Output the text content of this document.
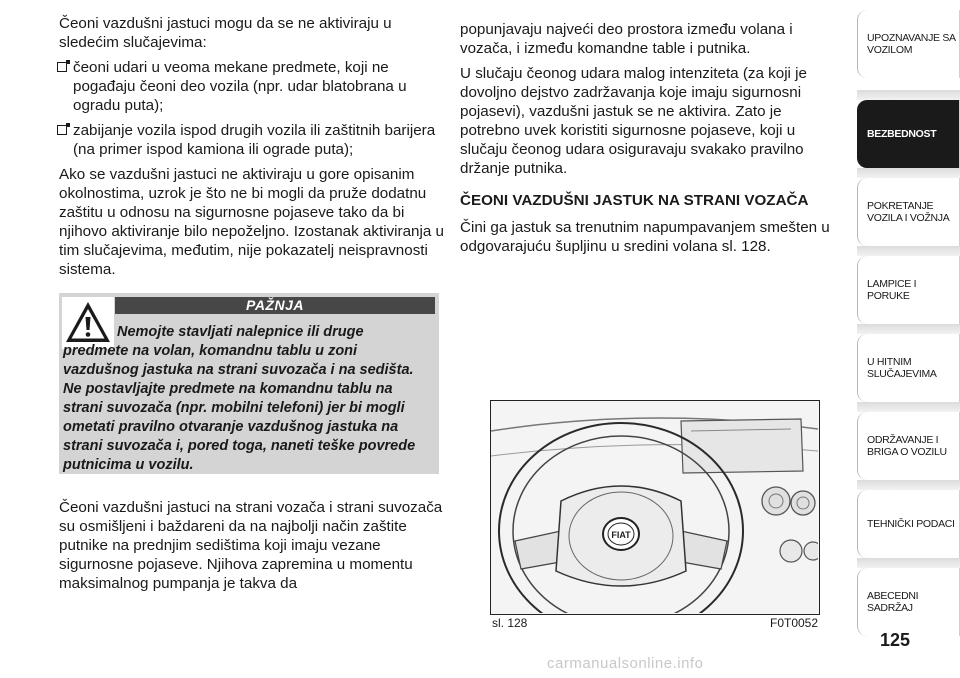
Čeoni vazdušni jastuci mogu da se ne aktiviraju u sledećim slučajevima:

čeoni udari u veoma mekane predmete, koji ne pogađaju čeoni deo vozila (npr. udar blatobrana u ogradu puta);
zabijanje vozila ispod drugih vozila ili zaštitnih barijera (na primer ispod kamiona ili ograde puta);

Ako se vazdušni jastuci ne aktiviraju u gore opisanim okolnostima, uzrok je što ne bi mogli da pruže dodatnu zaštitu u odnosu na sigurnosne pojaseve tako da bi njihovo aktiviranje bilo nepoželjno. Izostanak aktiviranja u tim slučajevima, međutim, nije pokazatelj neispravnosti sistema.

PAŽNJA
Nemojte stavljati nalepnice ili druge predmete na volan, komandnu tablu u zoni vazdušnog jastuka na strani suvozača i na sedišta. Ne postavljajte predmete na komandnu tablu na strani suvozača (npr. mobilni telefoni) jer bi mogli ometati pravilno otvaranje vazdušnog jastuka na strani suvozača i, pored toga, naneti teške povrede putnicima u vozilu.

Čeoni vazdušni jastuci na strani vozača i strani suvozača su osmišljeni i baždareni da na najbolji način zaštite putnike na prednjim sedištima koji imaju vezane sigurnosne pojaseve. Njihova zapremina u momentu maksimalnog pumpanja je takva da

popunjavaju najveći deo prostora između volana i vozača, i između komandne table i putnika.

U slučaju čeonog udara malog intenziteta (za koji je dovoljno dejstvo zadržavanja koje imaju sigurnosni pojasevi), vazdušni jastuk se ne aktivira. Zato je potrebno uvek koristiti sigurnosne pojaseve, koji u slučaju čeonog udara osiguravaju svakako pravilno držanje putnika.

ČEONI VAZDUŠNI JASTUK NA STRANI VOZAČA

Čini ga jastuk sa trenutnim napumpavanjem smešten u odgovarajuću šupljinu u sredini volana sl. 128.

FIAT
sl. 128	F0T0052
UPOZNAVANJE SA VOZILOM
BEZBEDNOST
POKRETANJE VOZILA I VOŽNJA
LAMPICE I PORUKE
U HITNIM SLUČAJEVIMA
ODRŽAVANJE I BRIGA O VOZILU
TEHNIČKI PODACI
ABECEDNI SADRŽAJ
125
carmanualsonline.info
